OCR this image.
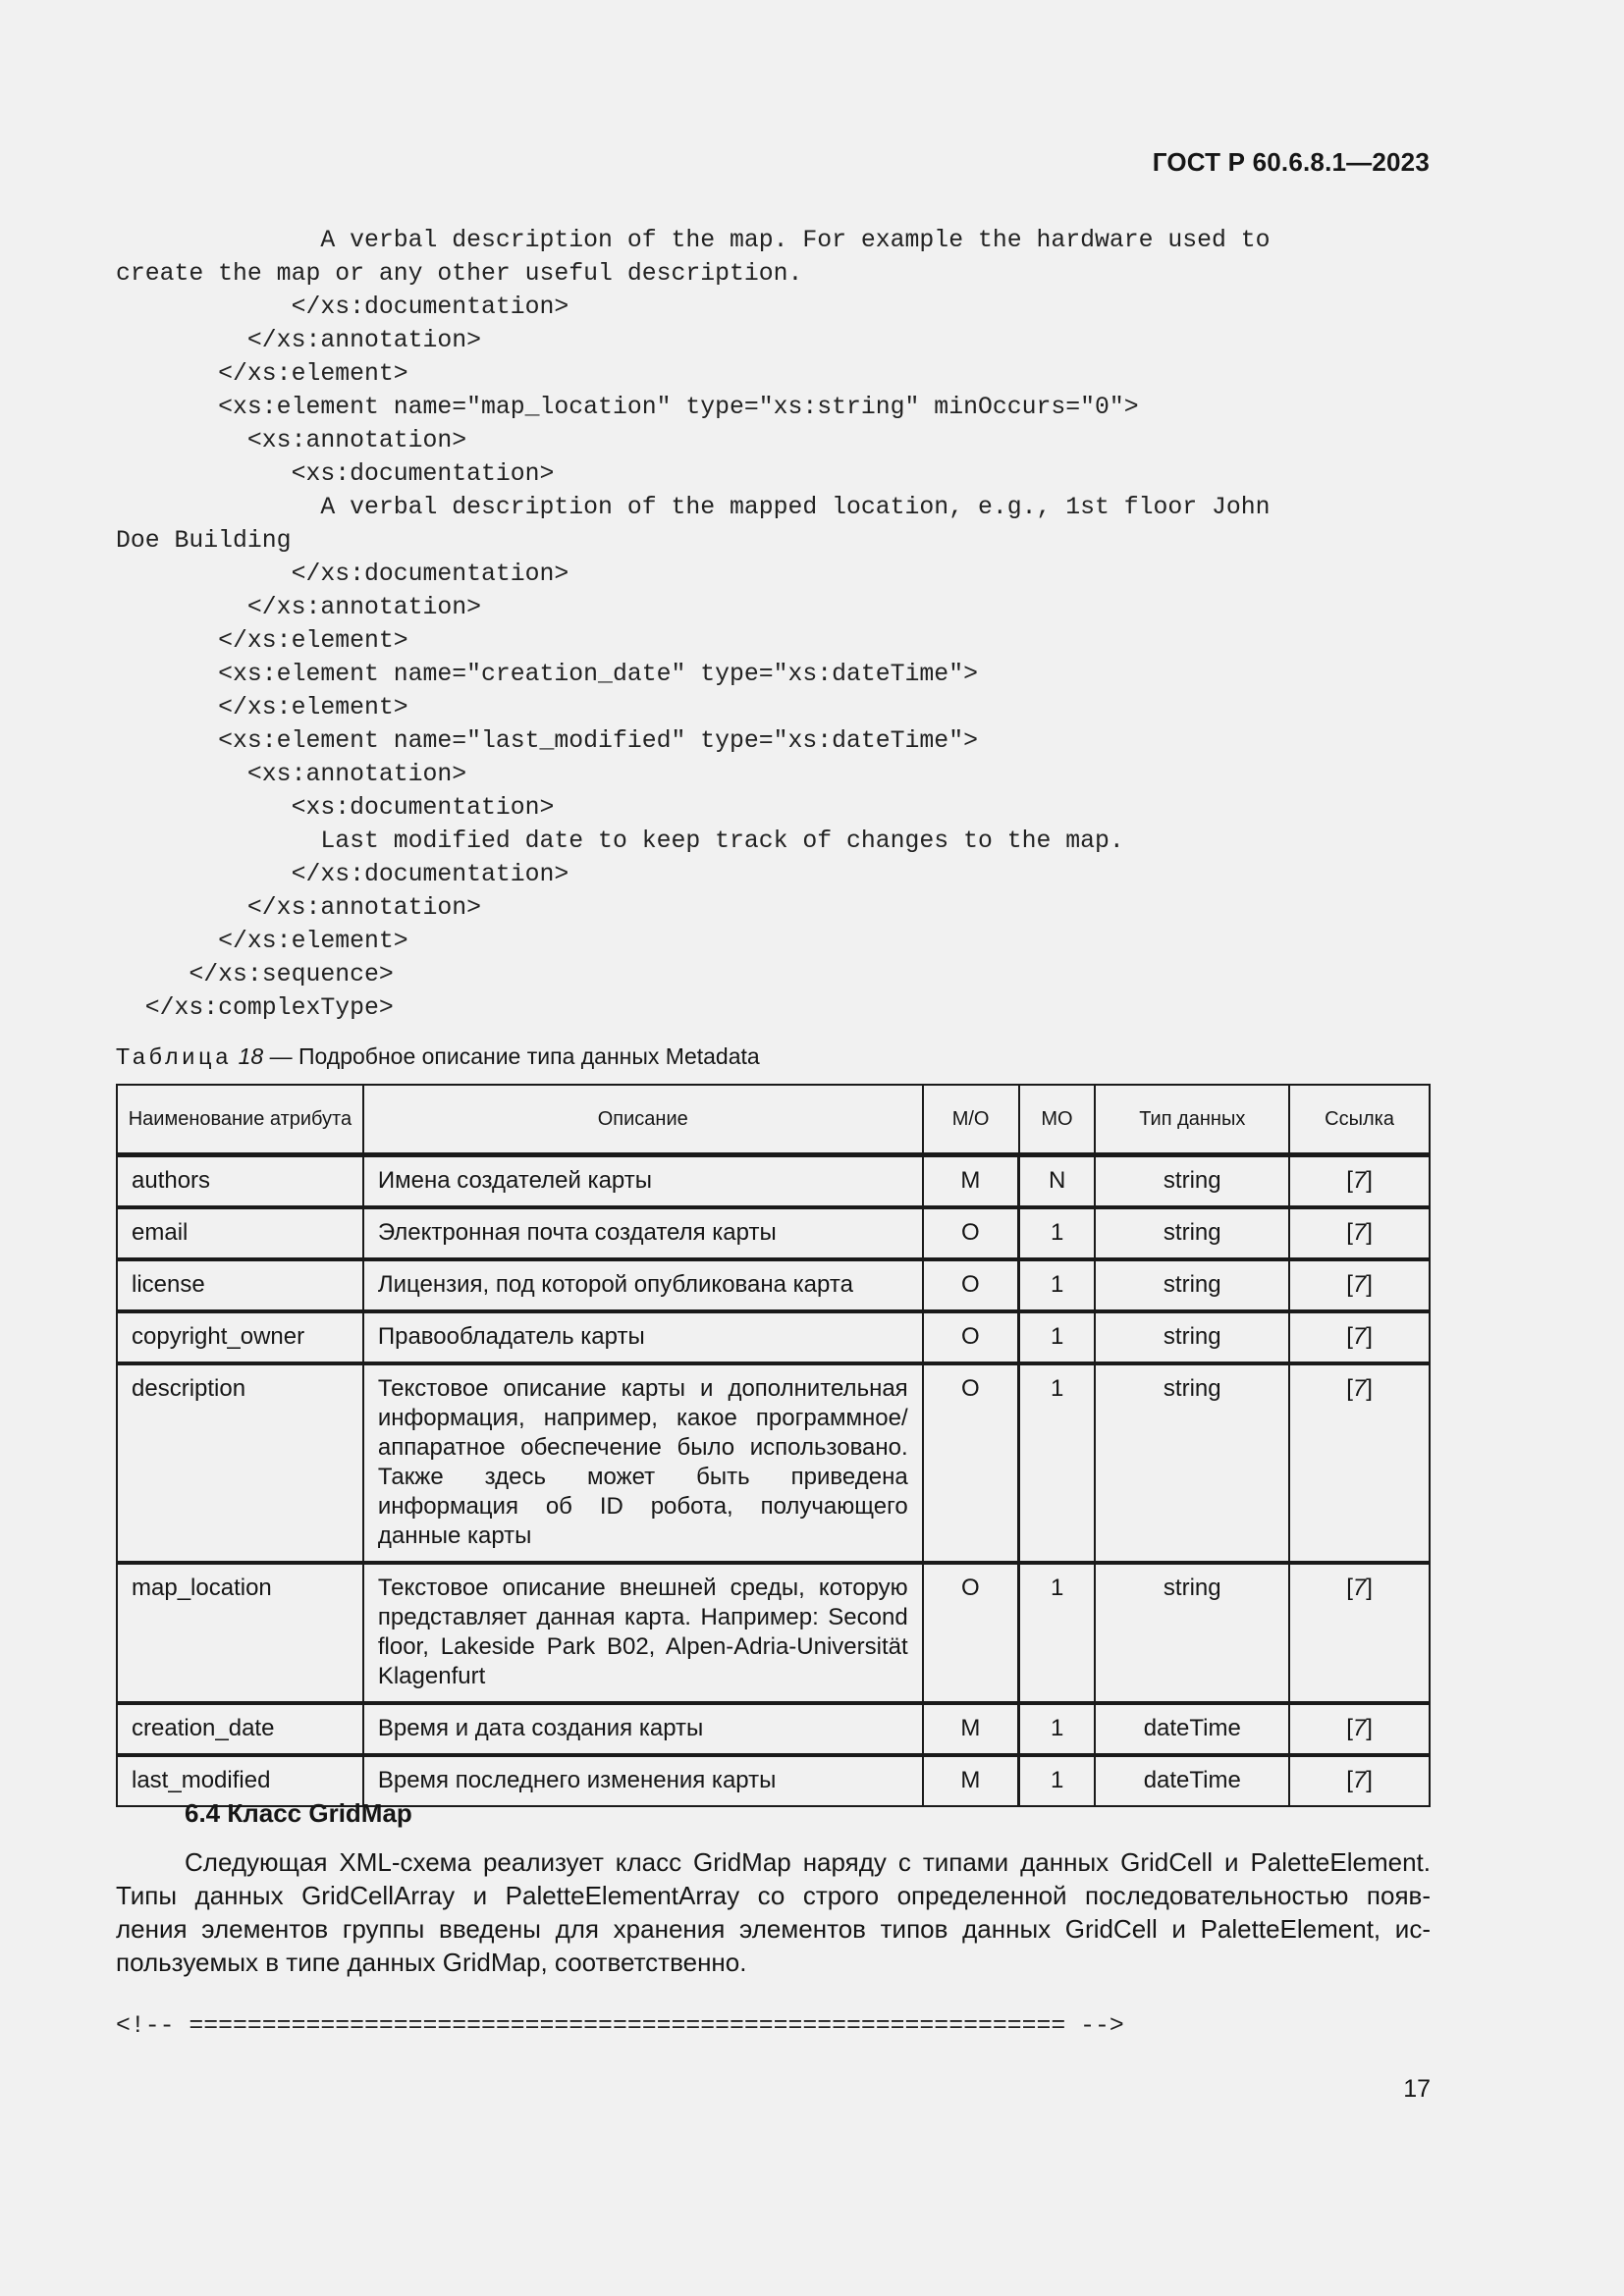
ГОСТ Р 60.6.8.1—2023
A verbal description of the map. For example the hardware used to
create the map or any other useful description.
</xs:documentation>
</xs:annotation>
</xs:element>
<xs:element name="map_location" type="xs:string" minOccurs="0">
<xs:annotation>
<xs:documentation>
A verbal description of the mapped location, e.g., 1st floor John
Doe Building
</xs:documentation>
</xs:annotation>
</xs:element>
<xs:element name="creation_date" type="xs:dateTime">
</xs:element>
<xs:element name="last_modified" type="xs:dateTime">
<xs:annotation>
<xs:documentation>
Last modified date to keep track of changes to the map.
</xs:documentation>
</xs:annotation>
</xs:element>
</xs:sequence>
</xs:complexType>
Таблица 18 — Подробное описание типа данных Metadata
Наименование атрибута	Описание	M/O	MO	Тип данных	Ссылка
authors	Имена создателей карты	M	N	string	[7]
email	Электронная почта создателя карты	O	1	string	[7]
license	Лицензия, под которой опубликована карта	O	1	string	[7]
copyright_owner	Правообладатель карты	O	1	string	[7]
description	Текстовое описание карты и дополнительная информация, например, какое программное/ аппаратное обеспечение было использовано. Также здесь может быть приведена информация об ID робота, получающего данные карты	O	1	string	[7]
map_location	Текстовое описание внешней среды, которую представляет данная карта. Например: Second floor, Lakeside Park B02, Alpen-Adria-Universität Klagenfurt	O	1	string	[7]
creation_date	Время и дата создания карты	M	1	dateTime	[7]
last_modified	Время последнего изменения карты	M	1	dateTime	[7]
6.4 Класс GridMap
Следующая XML-схема реализует класс GridMap наряду с типами данных GridCell и PaletteElement.
Типы данных GridCellArray и PaletteElementArray со строго определенной последовательностью появ-
ления элементов группы введены для хранения элементов типов данных GridCell и PaletteElement, ис-
пользуемых в типе данных GridMap, соответственно.
<!-- ============================================================ -->
17
